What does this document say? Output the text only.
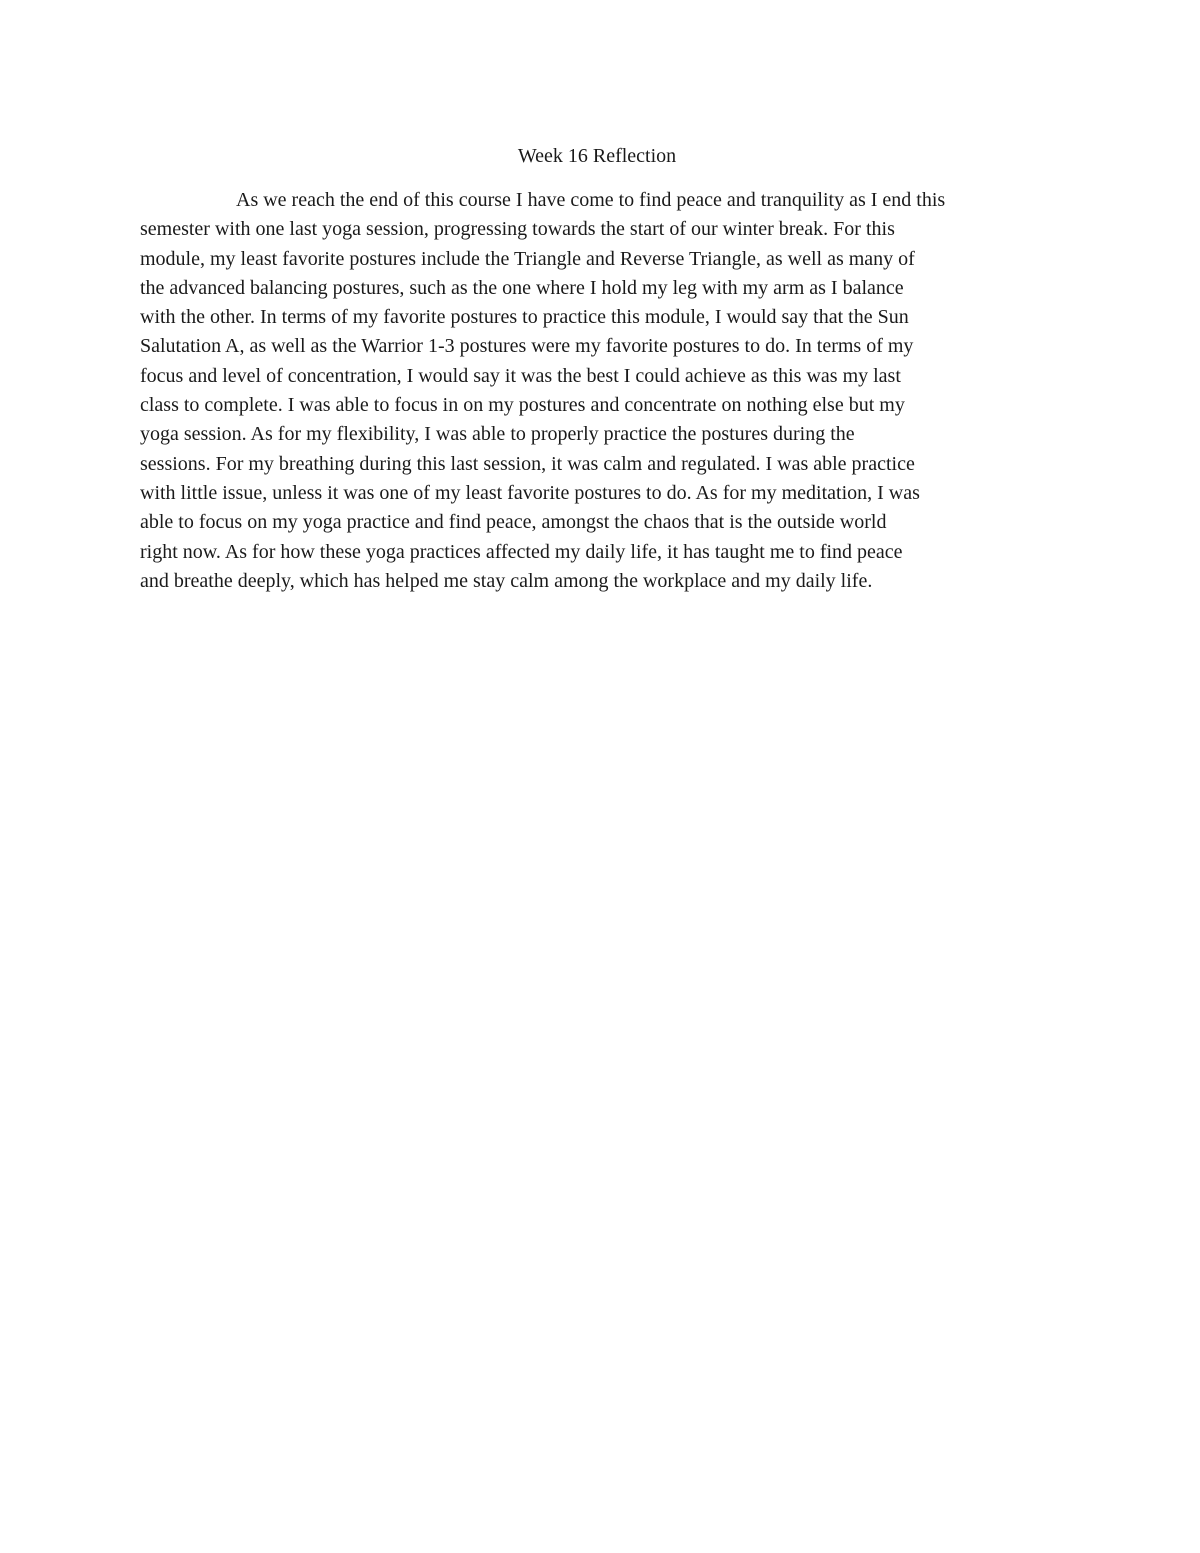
Week 16 Reflection
As we reach the end of this course I have come to find peace and tranquility as I end this
semester with one last yoga session, progressing towards the start of our winter break. For this
module, my least favorite postures include the Triangle and Reverse Triangle, as well as many of
the advanced balancing postures, such as the one where I hold my leg with my arm as I balance
with the other. In terms of my favorite postures to practice this module, I would say that the Sun
Salutation A, as well as the Warrior 1-3 postures were my favorite postures to do. In terms of my
focus and level of concentration, I would say it was the best I could achieve as this was my last
class to complete. I was able to focus in on my postures and concentrate on nothing else but my
yoga session. As for my flexibility, I was able to properly practice the postures during the
sessions. For my breathing during this last session, it was calm and regulated. I was able practice
with little issue, unless it was one of my least favorite postures to do. As for my meditation, I was
able to focus on my yoga practice and find peace, amongst the chaos that is the outside world
right now. As for how these yoga practices affected my daily life, it has taught me to find peace
and breathe deeply, which has helped me stay calm among the workplace and my daily life.
